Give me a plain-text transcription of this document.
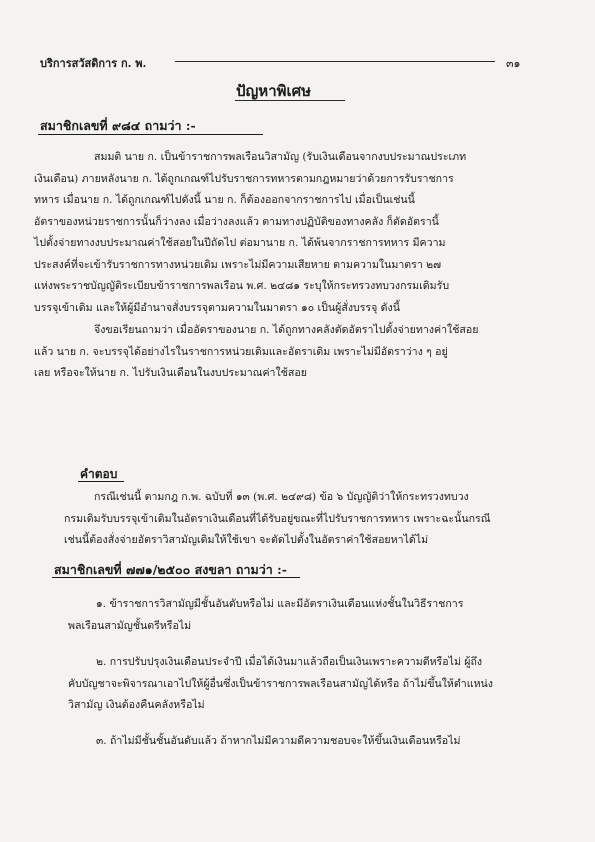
บริการสวัสดิการ ก. พ.	๓๑
ปัญหาพิเศษ
สมาชิกเลขที่ ๙๘๔ ถามว่า :-
สมมติ นาย ก. เป็นข้าราชการพลเรือนวิสามัญ (รับเงินเดือนจากงบประมาณประเภท
เงินเดือน) ภายหลังนาย ก. ได้ถูกเกณฑ์ไปรับราชการทหารตามกฎหมายว่าด้วยการรับราชการ
ทหาร เมื่อนาย ก. ได้ถูกเกณฑ์ไปดังนี้ นาย ก. ก็ต้องออกจากราชการไป เมื่อเป็นเช่นนี้
อัตราของหน่วยราชการนั้นก็ว่างลง เมื่อว่างลงแล้ว ตามทางปฏิบัติของทางคลัง ก็ตัดอัตรานี้
ไปตั้งจ่ายทางงบประมาณค่าใช้สอยในปีถัดไป ต่อมานาย ก. ได้พ้นจากราชการทหาร มีความ
ประสงค์ที่จะเข้ารับราชการทางหน่วยเดิม เพราะไม่มีความเสียหาย ตามความในมาตรา ๒๗
แห่งพระราชบัญญัติระเบียบข้าราชการพลเรือน พ.ศ. ๒๔๘๑ ระบุให้กระทรวงทบวงกรมเดิมรับ
บรรจุเข้าเดิม และให้ผู้มีอำนาจสั่งบรรจุตามความในมาตรา ๑๐ เป็นผู้สั่งบรรจุ ดังนี้
จึงขอเรียนถามว่า เมื่ออัตราของนาย ก. ได้ถูกทางคลังตัดอัตราไปตั้งจ่ายทางค่าใช้สอย
แล้ว นาย ก. จะบรรจุได้อย่างไรในราชการหน่วยเดิมและอัตราเดิม เพราะไม่มีอัตราว่าง ๆ อยู่
เลย หรือจะให้นาย ก. ไปรับเงินเดือนในงบประมาณค่าใช้สอย
คำตอบ
กรณีเช่นนี้ ตามกฎ ก.พ. ฉบับที่ ๑๓ (พ.ศ. ๒๔๙๘) ข้อ ๖ บัญญัติว่าให้กระทรวงทบวง
กรมเดิมรับบรรจุเข้าเดิมในอัตราเงินเดือนที่ได้รับอยู่ขณะที่ไปรับราชการทหาร เพราะฉะนั้นกรณี
เช่นนี้ต้องสั่งจ่ายอัตราวิสามัญเดิมให้ใช้เขา จะตัดไปตั้งในอัตราค่าใช้สอยหาได้ไม่
สมาชิกเลขที่ ๗๗๑/๒๕๐๐ สงขลา ถามว่า :-
๑. ข้าราชการวิสามัญมีชั้นอันดับหรือไม่ และมีอัตราเงินเดือนแห่งชั้นในวิธีราชการ
พลเรือนสามัญชั้นตรีหรือไม่
๒. การปรับปรุงเงินเดือนประจำปี เมื่อได้เงินมาแล้วถือเป็นเงินเพราะความดีหรือไม่ ผู้ถึง
คับบัญชาจะพิจารณาเอาไปให้ผู้อื่นซึ่งเป็นข้าราชการพลเรือนสามัญได้หรือ ถ้าไม่ขึ้นให้ตำแหน่ง
วิสามัญ เงินต้องคืนคลังหรือไม่
๓. ถ้าไม่มีชั้นชั้นอันดับแล้ว ถ้าหากไม่มีความดีความชอบจะให้ขึ้นเงินเดือนหรือไม่
